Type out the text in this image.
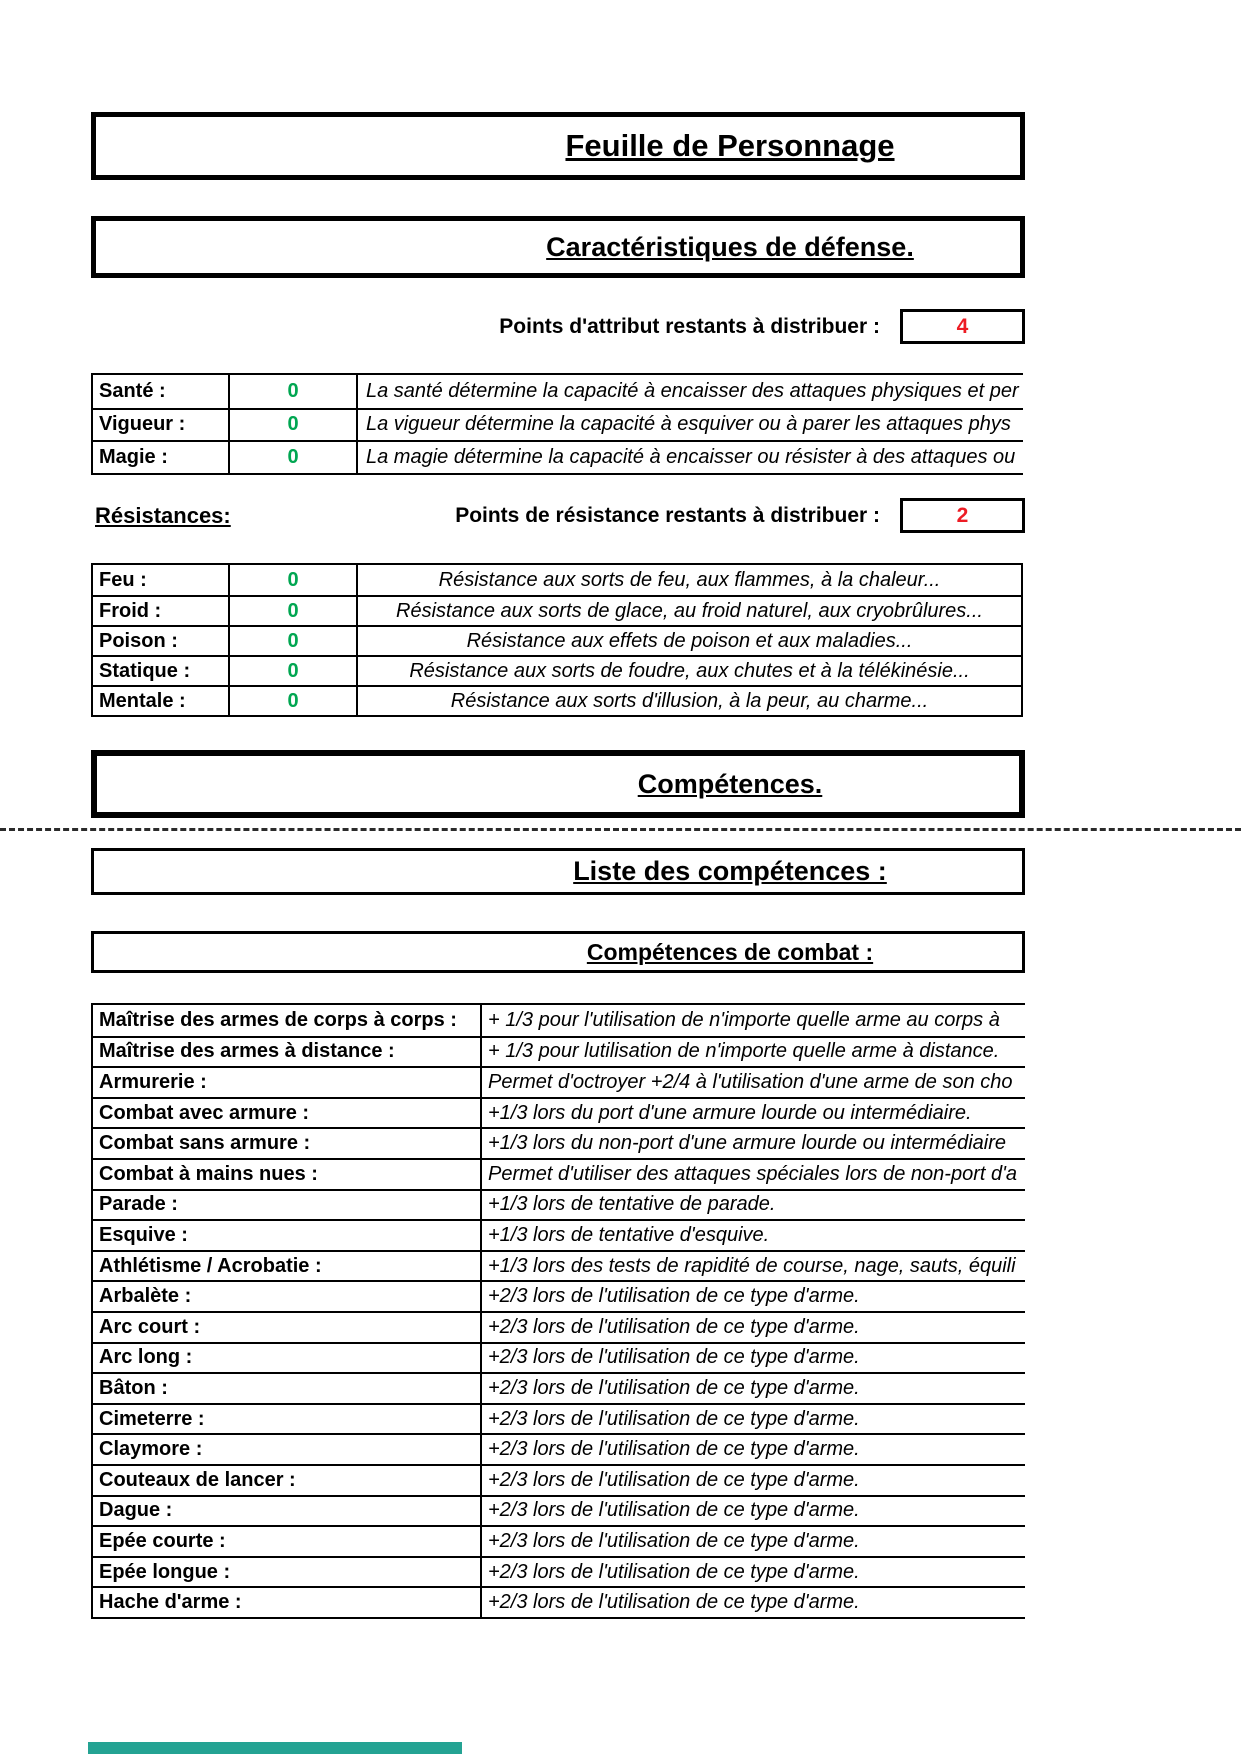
Feuille de Personnage
Caractéristiques de défense.
Points d'attribut restants à distribuer :	4
Santé :	0	La santé détermine la capacité à encaisser des attaques physiques et per
Vigueur :	0	La vigueur détermine la capacité à esquiver ou à parer les attaques phys
Magie :	0	La magie détermine la capacité à encaisser ou résister à des attaques ou
Résistances:	Points de résistance restants à distribuer :	2
Feu :	0	Résistance aux sorts de feu, aux flammes, à la chaleur...
Froid :	0	Résistance aux sorts de glace, au froid naturel, aux cryobrûlures...
Poison :	0	Résistance aux effets de poison et aux maladies...
Statique :	0	Résistance aux sorts de foudre, aux chutes et à la télékinésie...
Mentale :	0	Résistance aux sorts d'illusion, à la peur, au charme...
Compétences.
Liste des compétences :
Compétences de combat :
Maîtrise des armes de corps à corps :	+ 1/3 pour l'utilisation de n'importe quelle arme au corps à
Maîtrise des armes à distance :	+ 1/3 pour lutilisation de n'importe quelle arme à distance.
Armurerie :	Permet d'octroyer +2/4 à l'utilisation d'une arme de son cho
Combat avec armure :	+1/3 lors du port d'une armure lourde ou intermédiaire.
Combat sans armure :	+1/3 lors du non-port d'une armure lourde ou intermédiaire
Combat à mains nues :	Permet d'utiliser des attaques spéciales lors de non-port d'a
Parade :	+1/3 lors de tentative de parade.
Esquive :	+1/3 lors de tentative d'esquive.
Athlétisme / Acrobatie :	+1/3 lors des tests de rapidité de course, nage, sauts, équili
Arbalète :	+2/3 lors de l'utilisation de ce type d'arme.
Arc court :	+2/3 lors de l'utilisation de ce type d'arme.
Arc long :	+2/3 lors de l'utilisation de ce type d'arme.
Bâton :	+2/3 lors de l'utilisation de ce type d'arme.
Cimeterre :	+2/3 lors de l'utilisation de ce type d'arme.
Claymore :	+2/3 lors de l'utilisation de ce type d'arme.
Couteaux de lancer :	+2/3 lors de l'utilisation de ce type d'arme.
Dague :	+2/3 lors de l'utilisation de ce type d'arme.
Epée courte :	+2/3 lors de l'utilisation de ce type d'arme.
Epée longue :	+2/3 lors de l'utilisation de ce type d'arme.
Hache d'arme :	+2/3 lors de l'utilisation de ce type d'arme.
